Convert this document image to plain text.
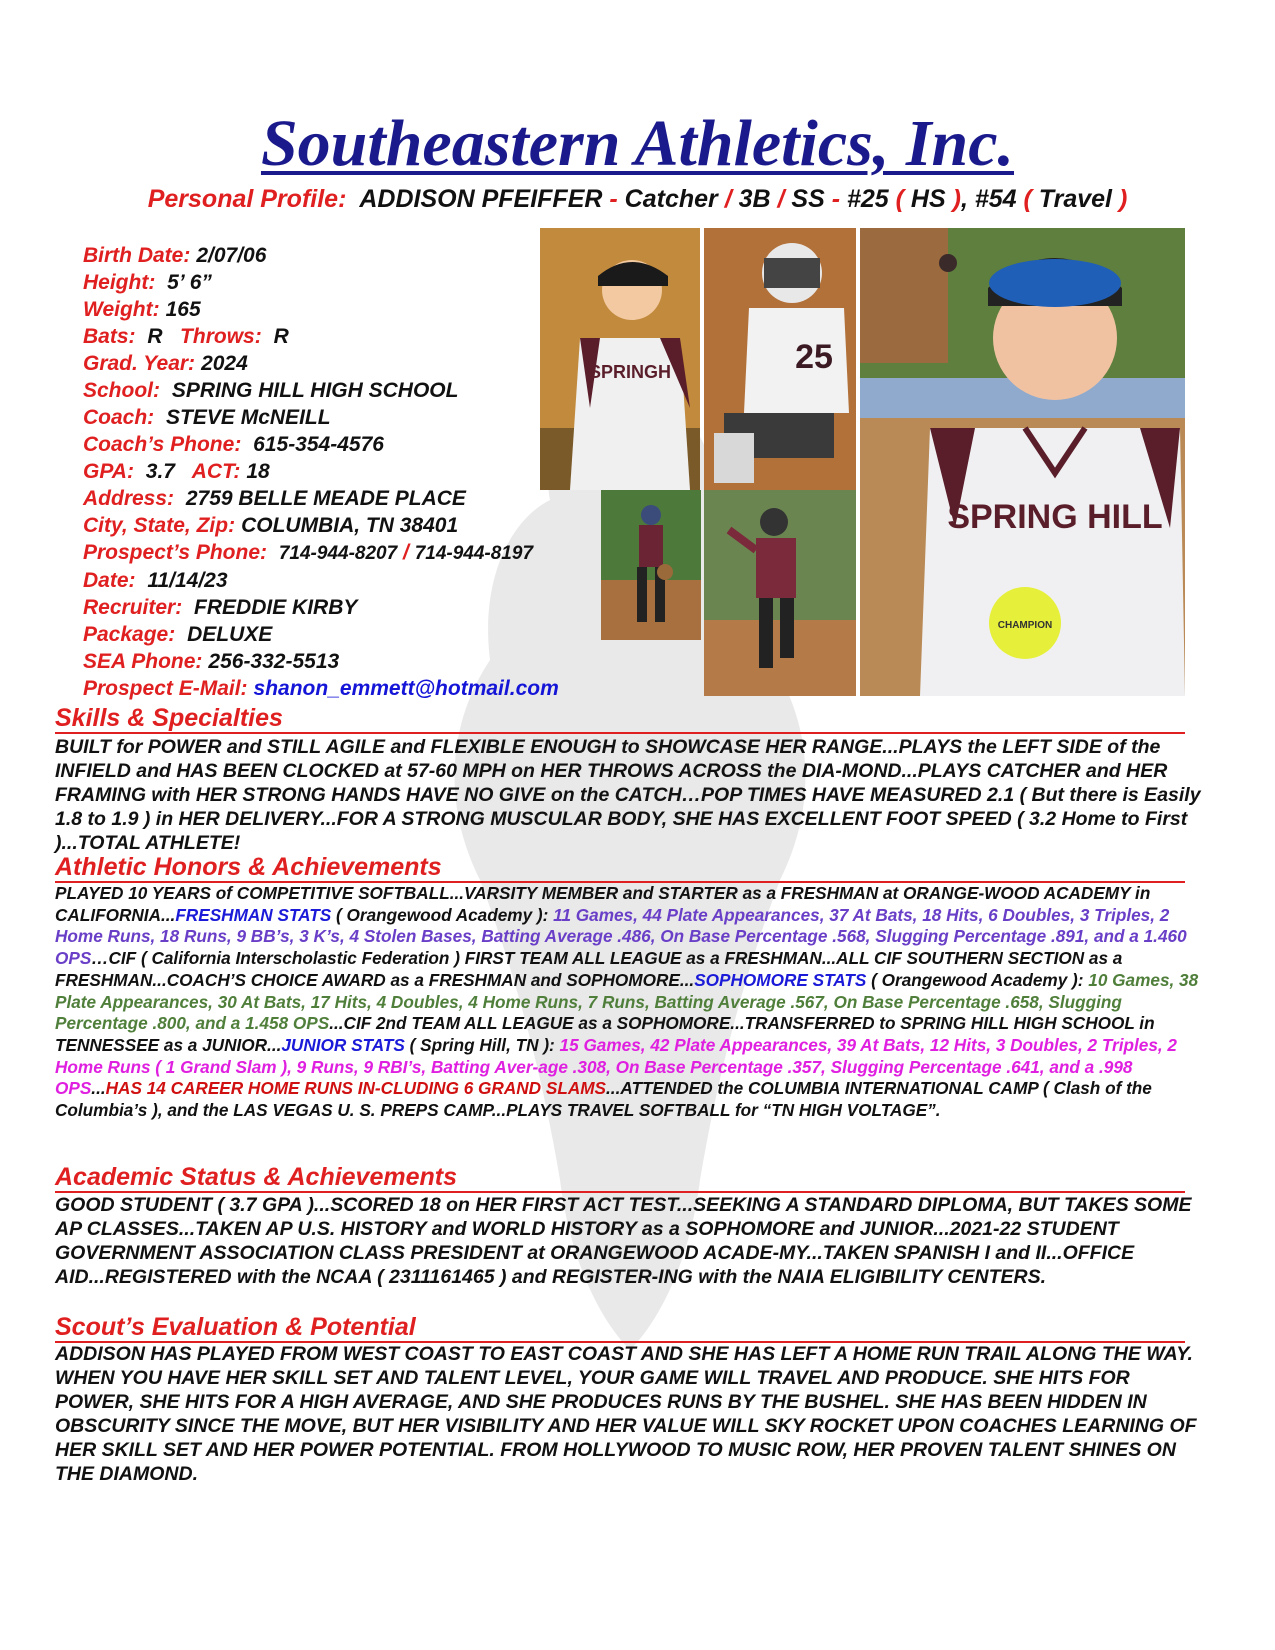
Southeastern Athletics, Inc.
Personal Profile: ADDISON PFEIFFER - Catcher / 3B / SS - #25 ( HS ), #54 ( Travel )
Birth Date: 2/07/06
Height: 5’ 6”
Weight: 165
Bats: R Throws: R
Grad. Year: 2024
School: SPRING HILL HIGH SCHOOL
Coach: STEVE McNEILL
Coach’s Phone: 615-354-4576
GPA: 3.7 ACT: 18
Address: 2759 BELLE MEADE PLACE
City, State, Zip: COLUMBIA, TN 38401
Prospect’s Phone: 714-944-8207 / 714-944-8197
Date: 11/14/23
Recruiter: FREDDIE KIRBY
Package: DELUXE
SEA Phone: 256-332-5513
Prospect E-Mail: shanon_emmett@hotmail.com
SPRINGH	25
SPRING HILL
CHAMPION
Skills & Specialties

BUILT for POWER and STILL AGILE and FLEXIBLE ENOUGH to SHOWCASE HER RANGE...PLAYS the LEFT SIDE of the INFIELD and HAS BEEN CLOCKED at 57-60 MPH on HER THROWS ACROSS the DIA-MOND...PLAYS CATCHER and HER FRAMING with HER STRONG HANDS HAVE NO GIVE on the CATCH…POP TIMES HAVE MEASURED 2.1 ( But there is Easily 1.8 to 1.9 ) in HER DELIVERY...FOR A STRONG MUSCULAR BODY, SHE HAS EXCELLENT FOOT SPEED ( 3.2 Home to First )...TOTAL ATHLETE!

Athletic Honors & Achievements

PLAYED 10 YEARS of COMPETITIVE SOFTBALL...VARSITY MEMBER and STARTER as a FRESHMAN at ORANGE-WOOD ACADEMY in CALIFORNIA...FRESHMAN STATS ( Orangewood Academy ): 11 Games, 44 Plate Appearances, 37 At Bats, 18 Hits, 6 Doubles, 3 Triples, 2 Home Runs, 18 Runs, 9 BB’s, 3 K’s, 4 Stolen Bases, Batting Average .486, On Base Percentage .568, Slugging Percentage .891, and a 1.460 OPS…CIF ( California Interscholastic Federation ) FIRST TEAM ALL LEAGUE as a FRESHMAN...ALL CIF SOUTHERN SECTION as a FRESHMAN...COACH’S CHOICE AWARD as a FRESHMAN and SOPHOMORE...SOPHOMORE STATS ( Orangewood Academy ): 10 Games, 38 Plate Appearances, 30 At Bats, 17 Hits, 4 Doubles, 4 Home Runs, 7 Runs, Batting Average .567, On Base Percentage .658, Slugging Percentage .800, and a 1.458 OPS...CIF 2nd TEAM ALL LEAGUE as a SOPHOMORE...TRANSFERRED to SPRING HILL HIGH SCHOOL in TENNESSEE as a JUNIOR...JUNIOR STATS ( Spring Hill, TN ): 15 Games, 42 Plate Appearances, 39 At Bats, 12 Hits, 3 Doubles, 2 Triples, 2 Home Runs ( 1 Grand Slam ), 9 Runs, 9 RBI’s, Batting Aver-age .308, On Base Percentage .357, Slugging Percentage .641, and a .998 OPS...HAS 14 CAREER HOME RUNS IN-CLUDING 6 GRAND SLAMS...ATTENDED the COLUMBIA INTERNATIONAL CAMP ( Clash of the Columbia’s ), and the LAS VEGAS U. S. PREPS CAMP...PLAYS TRAVEL SOFTBALL for “TN HIGH VOLTAGE”.

Academic Status & Achievements

GOOD STUDENT ( 3.7 GPA )...SCORED 18 on HER FIRST ACT TEST...SEEKING A STANDARD DIPLOMA, BUT TAKES SOME AP CLASSES...TAKEN AP U.S. HISTORY and WORLD HISTORY as a SOPHOMORE and JUNIOR...2021-22 STUDENT GOVERNMENT ASSOCIATION CLASS PRESIDENT at ORANGEWOOD ACADE-MY...TAKEN SPANISH I and II...OFFICE AID...REGISTERED with the NCAA ( 2311161465 ) and REGISTER-ING with the NAIA ELIGIBILITY CENTERS.

Scout’s Evaluation & Potential

ADDISON HAS PLAYED FROM WEST COAST TO EAST COAST AND SHE HAS LEFT A HOME RUN TRAIL ALONG THE WAY. WHEN YOU HAVE HER SKILL SET AND TALENT LEVEL, YOUR GAME WILL TRAVEL AND PRODUCE. SHE HITS FOR POWER, SHE HITS FOR A HIGH AVERAGE, AND SHE PRODUCES RUNS BY THE BUSHEL. SHE HAS BEEN HIDDEN IN OBSCURITY SINCE THE MOVE, BUT HER VISIBILITY AND HER VALUE WILL SKY ROCKET UPON COACHES LEARNING OF HER SKILL SET AND HER POWER POTENTIAL. FROM HOLLYWOOD TO MUSIC ROW, HER PROVEN TALENT SHINES ON THE DIAMOND.
